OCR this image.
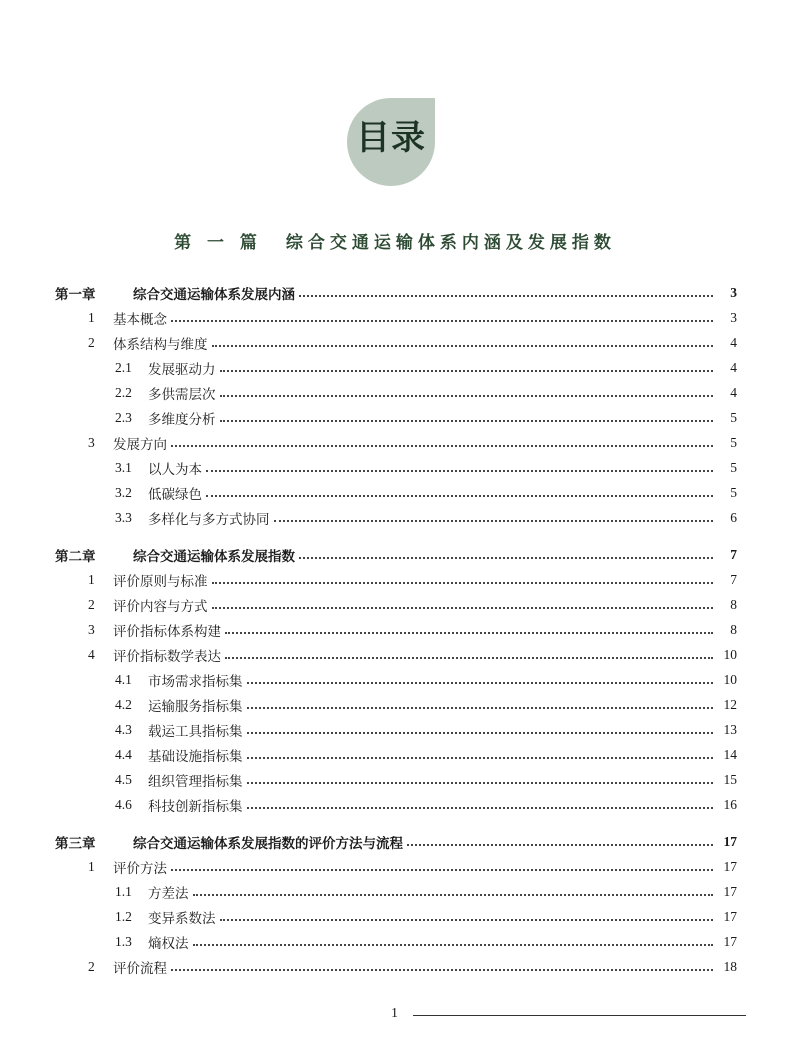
目录
第 一 篇 综合交通运输体系内涵及发展指数
第一章	综合交通运输体系发展内涵	3
1 基本概念	3
2 体系结构与维度	4
2.1 发展驱动力	4
2.2 多供需层次	4
2.3 多维度分析	5
3 发展方向	5
3.1 以人为本	5
3.2 低碳绿色	5
3.3 多样化与多方式协同	6
第二章	综合交通运输体系发展指数	7
1 评价原则与标准	7
2 评价内容与方式	8
3 评价指标体系构建	8
4 评价指标数学表达	10
4.1 市场需求指标集	10
4.2 运输服务指标集	12
4.3 载运工具指标集	13
4.4 基础设施指标集	14
4.5 组织管理指标集	15
4.6 科技创新指标集	16
第三章	综合交通运输体系发展指数的评价方法与流程	17
1 评价方法	17
1.1 方差法	17
1.2 变异系数法	17
1.3 熵权法	17
2 评价流程	18
1
